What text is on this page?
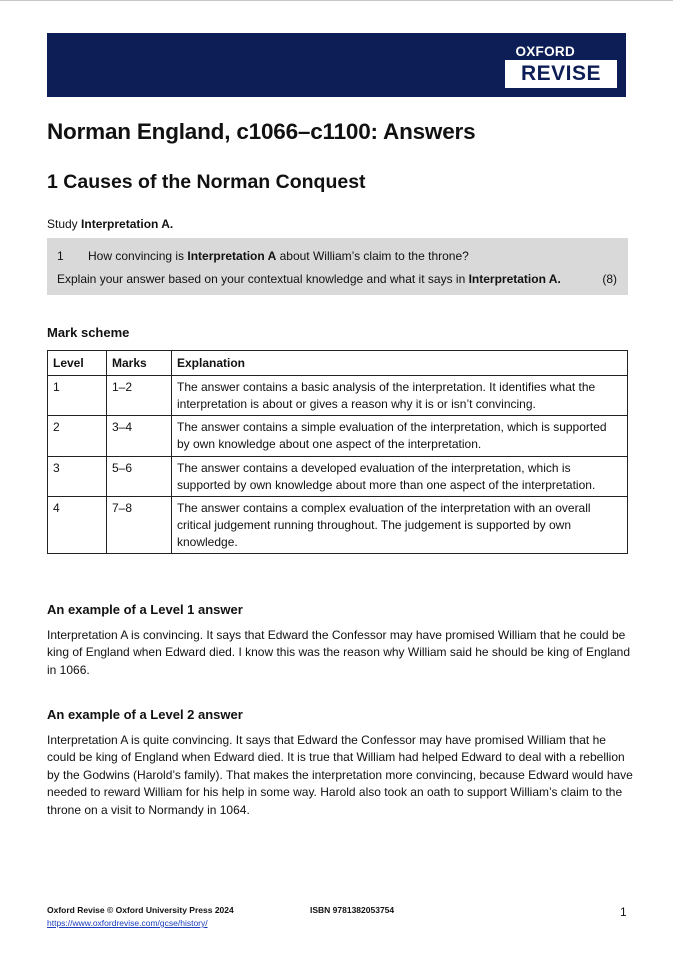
OXFORD
REVISE
Norman England, c1066–c1100: Answers
1 Causes of the Norman Conquest
Study Interpretation A.
1 How convincing is Interpretation A about William’s claim to the throne?
Explain your answer based on your contextual knowledge and what it says in Interpretation A.	(8)
Mark scheme
Level	Marks	Explanation
1	1–2	The answer contains a basic analysis of the interpretation. It identifies what the interpretation is about or gives a reason why it is or isn’t convincing.
2	3–4	The answer contains a simple evaluation of the interpretation, which is supported by own knowledge about one aspect of the interpretation.
3	5–6	The answer contains a developed evaluation of the interpretation, which is supported by own knowledge about more than one aspect of the interpretation.
4	7–8	The answer contains a complex evaluation of the interpretation with an overall critical judgement running throughout. The judgement is supported by own knowledge.
An example of a Level 1 answer

Interpretation A is convincing. It says that Edward the Confessor may have promised William that he could be king of England when Edward died. I know this was the reason why William said he should be king of England in 1066.

An example of a Level 2 answer

Interpretation A is quite convincing. It says that Edward the Confessor may have promised William that he could be king of England when Edward died. It is true that William had helped Edward to deal with a rebellion by the Godwins (Harold’s family). That makes the interpretation more convincing, because Edward would have needed to reward William for his help in some way. Harold also took an oath to support William’s claim to the throne on a visit to Normandy in 1064.

Oxford Revise © Oxford University Press 2024
https://www.oxfordrevise.com/gcse/history/
ISBN 9781382053754	1
